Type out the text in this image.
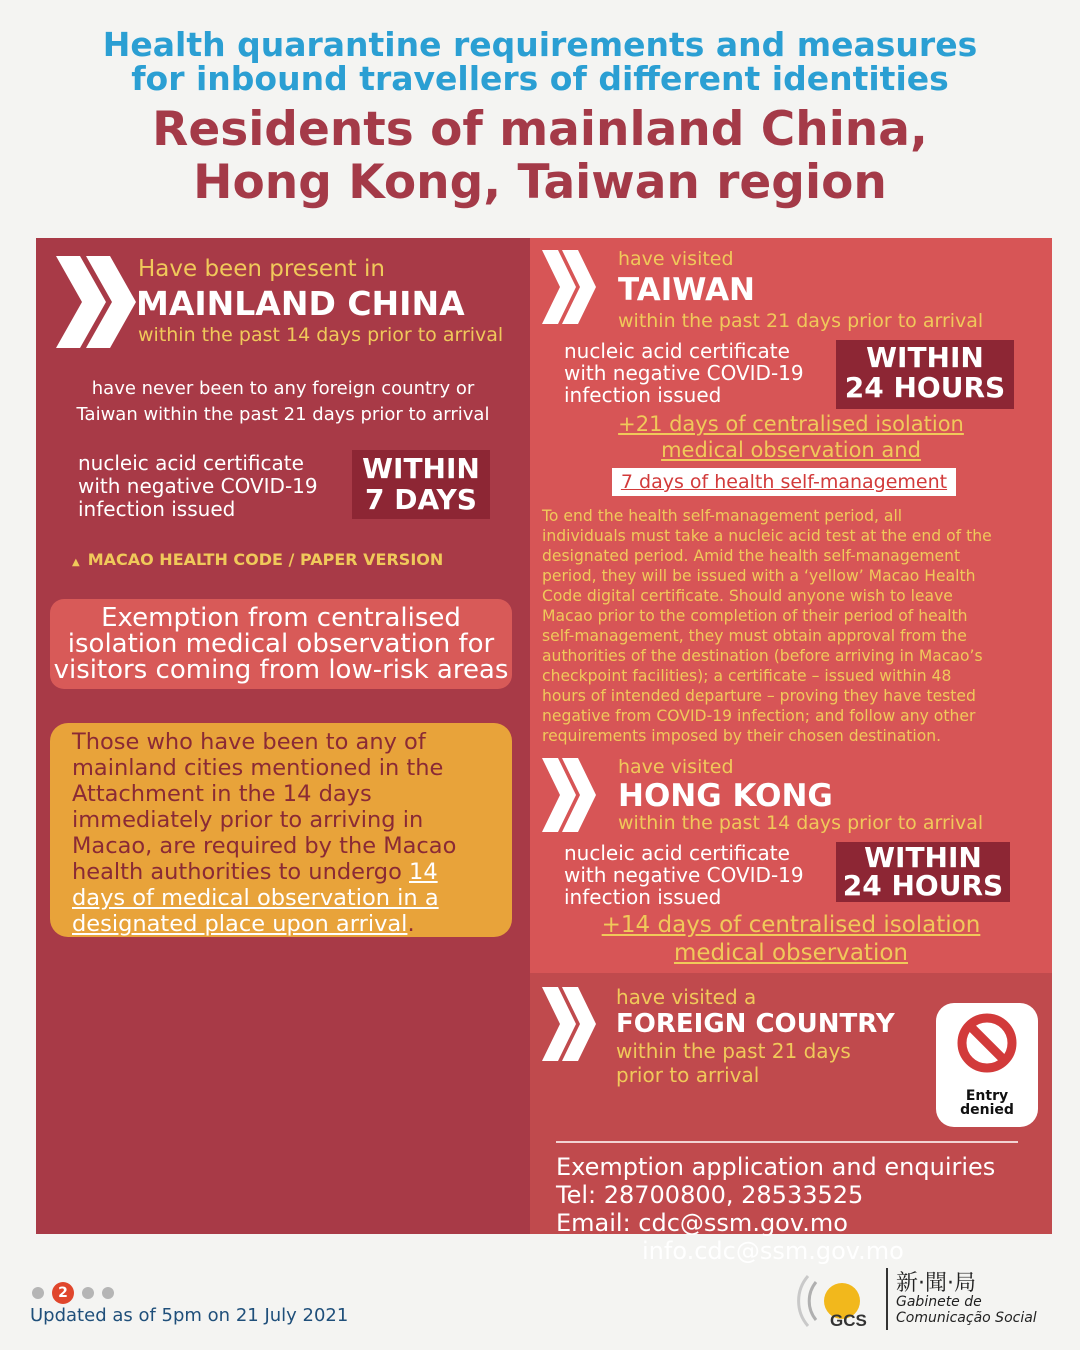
Health quarantine requirements and measures
for inbound travellers of different identities
Residents of mainland China,
Hong Kong, Taiwan region
Have been present in
MAINLAND CHINA
within the past 14 days prior to arrival
have never been to any foreign country or
Taiwan within the past 21 days prior to arrival
nucleic acid certificate
with negative COVID-19
infection issued
WITHIN
7 DAYS
▲ MACAO HEALTH CODE / PAPER VERSION
Exemption from centralised
isolation medical observation for
visitors coming from low-risk areas
Those who have been to any of
mainland cities mentioned in the
Attachment in the 14 days
immediately prior to arriving in
Macao, are required by the Macao
health authorities to undergo 14
days of medical observation in a
designated place upon arrival.
have visited
TAIWAN
within the past 21 days prior to arrival
nucleic acid certificate
with negative COVID-19
infection issued
WITHIN
24 HOURS
+21 days of centralised isolation
medical observation and
7 days of health self-management
To end the health self-management period, all
individuals must take a nucleic acid test at the end of the
designated period. Amid the health self-management
period, they will be issued with a ‘yellow’ Macao Health
Code digital certificate. Should anyone wish to leave
Macao prior to the completion of their period of health
self-management, they must obtain approval from the
authorities of the destination (before arriving in Macao’s
checkpoint facilities); a certificate – issued within 48
hours of intended departure – proving they have tested
negative from COVID-19 infection; and follow any other
requirements imposed by their chosen destination.
have visited
HONG KONG
within the past 14 days prior to arrival
nucleic acid certificate
with negative COVID-19
infection issued
WITHIN
24 HOURS
+14 days of centralised isolation
medical observation
have visited a
FOREIGN COUNTRY
within the past 21 days
prior to arrival
Entry
denied
Exemption application and enquiries
Tel: 28700800, 28533525
Email: cdc@ssm.gov.mo
info.cdc@ssm.gov.mo
2
Updated as of 5pm on 21 July 2021	GCS
新·聞·局
Gabinete de
Comunicação Social
